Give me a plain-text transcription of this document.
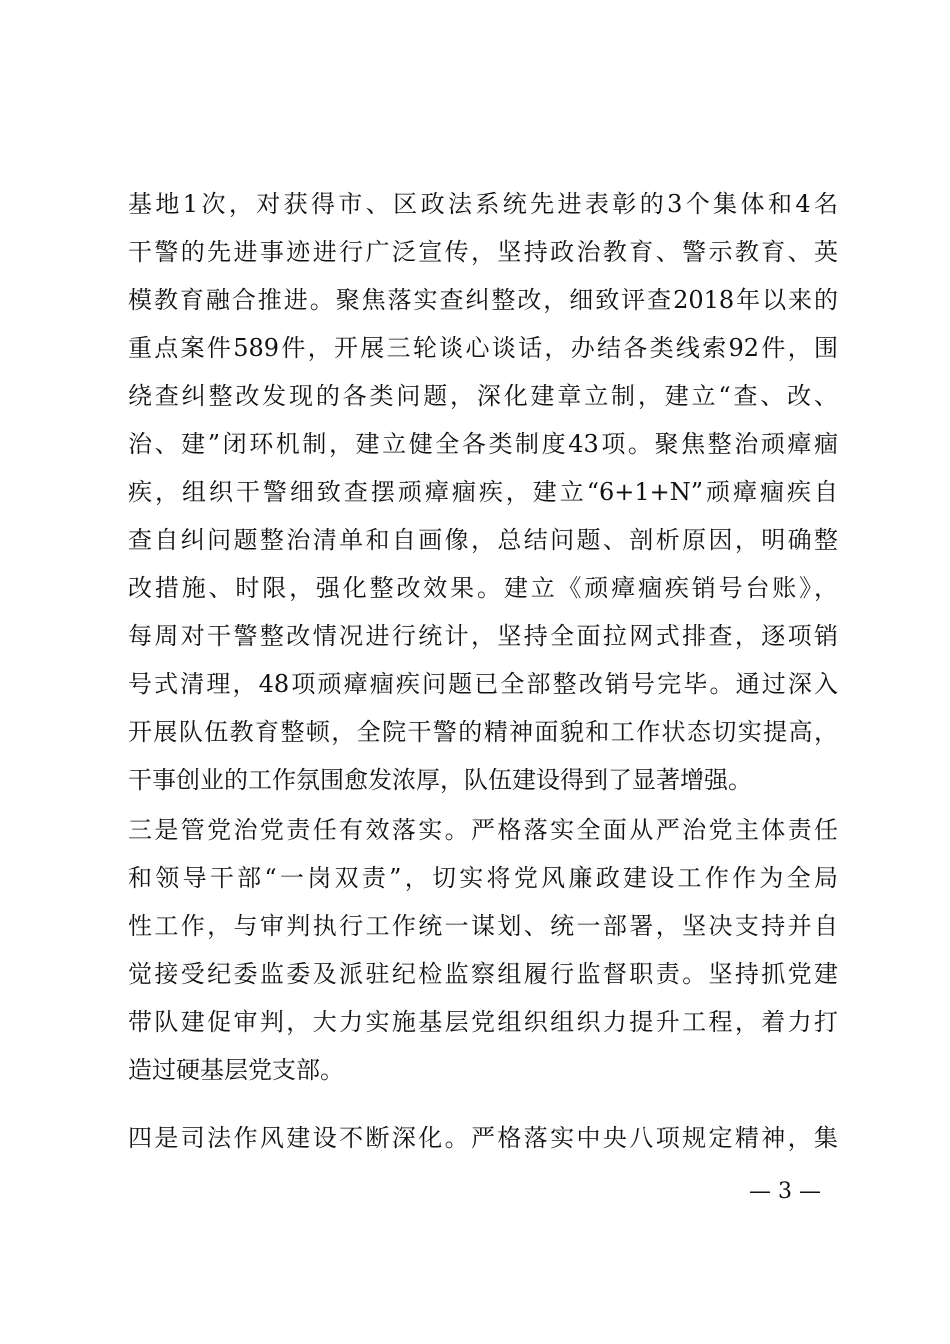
基地1次，对获得市、区政法系统先进表彰的3个集体和4名
干警的先进事迹进行广泛宣传，坚持政治教育、警示教育、英
模教育融合推进。聚焦落实查纠整改，细致评查2018年以来的
重点案件589件，开展三轮谈心谈话，办结各类线索92件，围
绕查纠整改发现的各类问题，深化建章立制，建立“查、改、
治、建”闭环机制，建立健全各类制度43项。聚焦整治顽瘴痼
疾，组织干警细致查摆顽瘴痼疾，建立“6+1+N”顽瘴痼疾自
查自纠问题整治清单和自画像，总结问题、剖析原因，明确整
改措施、时限，强化整改效果。建立《顽瘴痼疾销号台账》，
每周对干警整改情况进行统计，坚持全面拉网式排查，逐项销
号式清理，48项顽瘴痼疾问题已全部整改销号完毕。通过深入
开展队伍教育整顿，全院干警的精神面貌和工作状态切实提高，
干事创业的工作氛围愈发浓厚，队伍建设得到了显著增强。
三是管党治党责任有效落实。严格落实全面从严治党主体责任
和领导干部“一岗双责”，切实将党风廉政建设工作作为全局
性工作，与审判执行工作统一谋划、统一部署，坚决支持并自
觉接受纪委监委及派驻纪检监察组履行监督职责。坚持抓党建
带队建促审判，大力实施基层党组织组织力提升工程，着力打
造过硬基层党支部。
四是司法作风建设不断深化。严格落实中央八项规定精神，集
— 3 —
